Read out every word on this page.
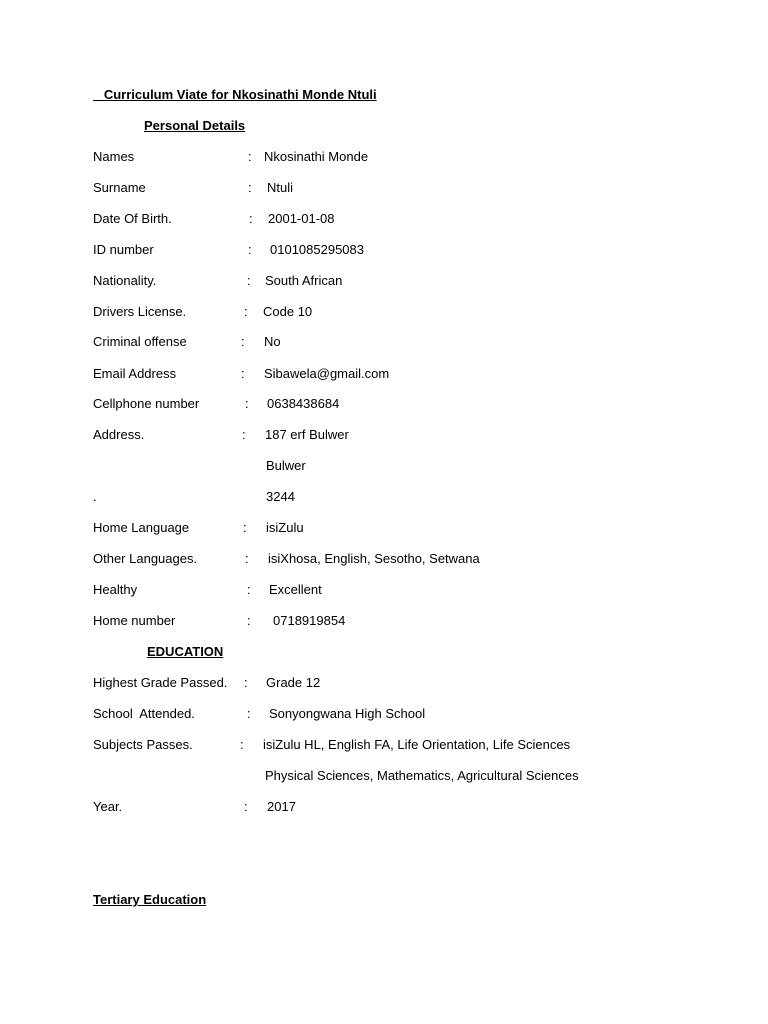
Curriculum Viate for Nkosinathi Monde Ntuli
Personal Details
Names	: Nkosinathi Monde
Surname	: Ntuli
Date Of Birth.	: 2001-01-08
ID number	: 0101085295083
Nationality.	: South African
Drivers License.	: Code 10
Criminal offense	: No
Email Address	: Sibawela@gmail.com
Cellphone number	: 0638438684
Address.	: 187 erf Bulwer
Bulwer
.	3244
Home Language	: isiZulu
Other Languages.	: isiXhosa, English, Sesotho, Setwana
Healthy	: Excellent
Home number	: 0718919854
EDUCATION
Highest Grade Passed. : Grade 12
School  Attended.	: Sonyongwana High School
Subjects Passes.	: isiZulu HL, English FA, Life Orientation, Life Sciences
Physical Sciences, Mathematics, Agricultural Sciences
Year.	: 2017
Tertiary Education
